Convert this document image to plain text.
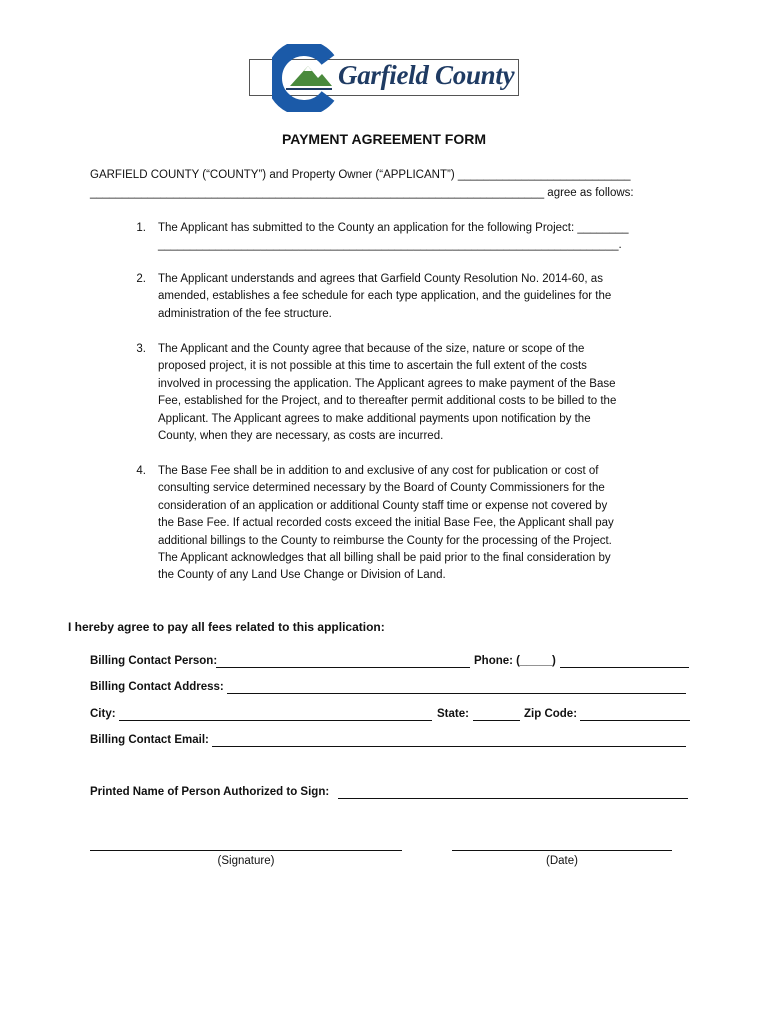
Garfield County
PAYMENT AGREEMENT FORM
GARFIELD COUNTY (“COUNTY”) and Property Owner (“APPLICANT”) ___________________________
_______________________________________________________________________ agree as follows:
1. The Applicant has submitted to the County an application for the following Project: ________
________________________________________________________________________.
2. The Applicant understands and agrees that Garfield County Resolution No. 2014-60, as
amended, establishes a fee schedule for each type application, and the guidelines for the
administration of the fee structure.
3. The Applicant and the County agree that because of the size, nature or scope of the
proposed project, it is not possible at this time to ascertain the full extent of the costs
involved in processing the application. The Applicant agrees to make payment of the Base
Fee, established for the Project, and to thereafter permit additional costs to be billed to the
Applicant. The Applicant agrees to make additional payments upon notification by the
County, when they are necessary, as costs are incurred.
4. The Base Fee shall be in addition to and exclusive of any cost for publication or cost of
consulting service determined necessary by the Board of County Commissioners for the
consideration of an application or additional County staff time or expense not covered by
the Base Fee. If actual recorded costs exceed the initial Base Fee, the Applicant shall pay
additional billings to the County to reimburse the County for the processing of the Project.
The Applicant acknowledges that all billing shall be paid prior to the final consideration by
the County of any Land Use Change or Division of Land.
I hereby agree to pay all fees related to this application:
Billing Contact Person:	Phone: (_____)
Billing Contact Address:
City:	State:	Zip Code:
Billing Contact Email:
Printed Name of Person Authorized to Sign:
(Signature)	(Date)
